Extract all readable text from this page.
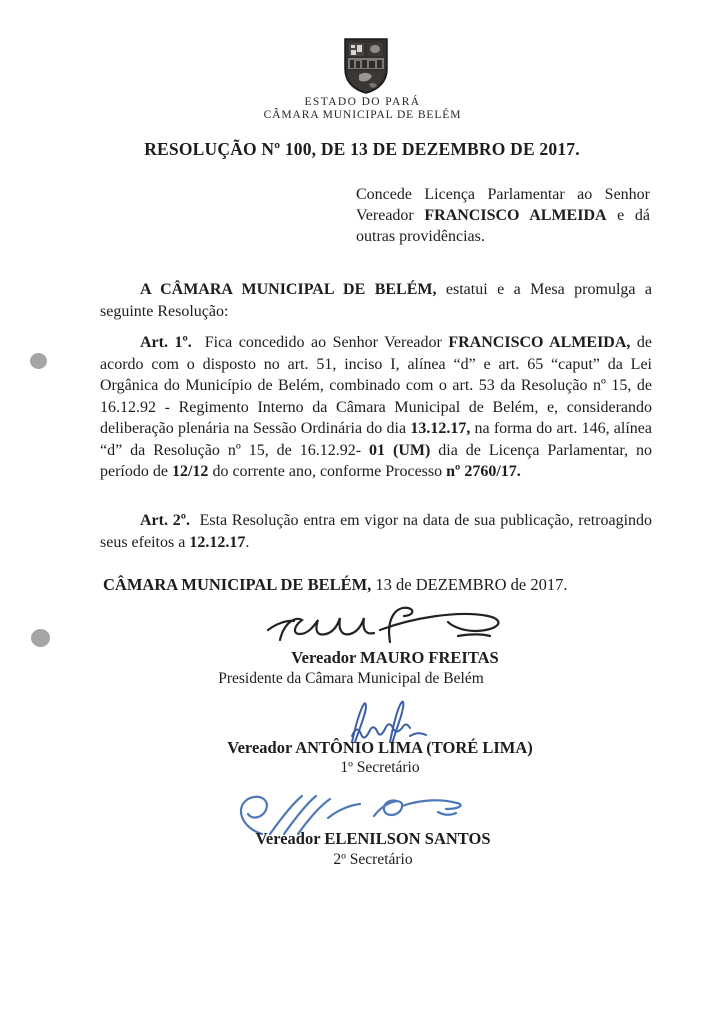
ESTADO DO PARÁ
CÂMARA MUNICIPAL DE BELÉM
RESOLUÇÃO Nº 100, DE 13 DE DEZEMBRO DE 2017.

Concede Licença Parlamentar ao Senhor Vereador FRANCISCO ALMEIDA e dá outras providências.

A CÂMARA MUNICIPAL DE BELÉM, estatui e a Mesa promulga a seguinte Resolução:

Art. 1º.  Fica concedido ao Senhor Vereador FRANCISCO ALMEIDA, de acordo com o disposto no art. 51, inciso I, alínea “d” e art. 65 “caput” da Lei Orgânica do Município de Belém, combinado com o art. 53 da Resolução nº 15, de 16.12.92 - Regimento Interno da Câmara Municipal de Belém, e, considerando deliberação plenária na Sessão Ordinária do dia 13.12.17, na forma do art. 146, alínea “d” da Resolução nº 15, de 16.12.92- 01 (UM) dia de Licença Parlamentar, no período de 12/12 do corrente ano, conforme Processo nº 2760/17.

Art. 2º.  Esta Resolução entra em vigor na data de sua publicação, retroagindo seus efeitos a 12.12.17.

CÂMARA MUNICIPAL DE BELÉM, 13 de DEZEMBRO de 2017.

Vereador MAURO FREITAS

Presidente da Câmara Municipal de Belém

Vereador ANTÔNIO LIMA (TORÉ LIMA)

1º Secretário

Vereador ELENILSON SANTOS

2º Secretário
